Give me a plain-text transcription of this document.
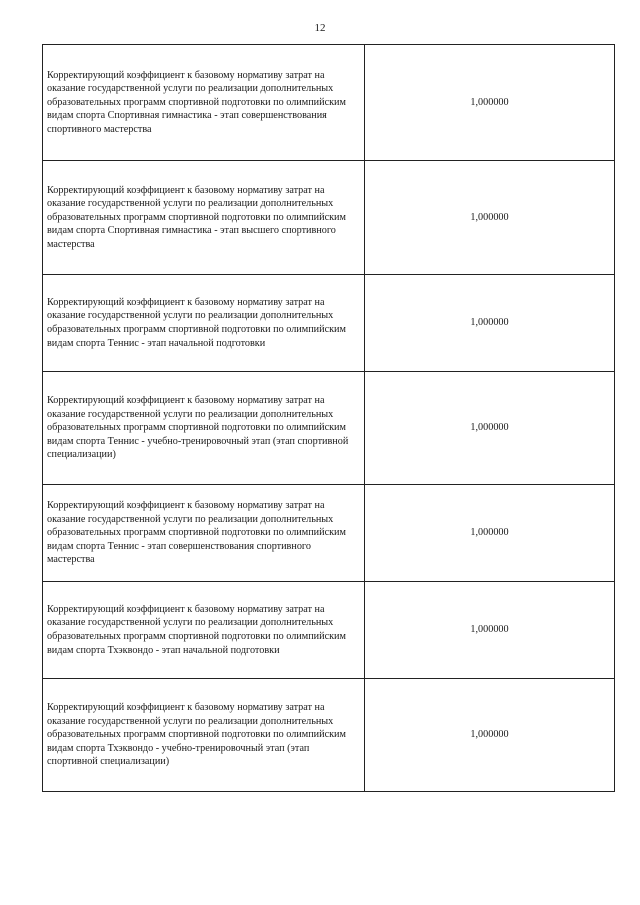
12
Корректирующий коэффициент к базовому нормативу затрат на оказание государственной услуги по реализации дополнительных образовательных программ спортивной подготовки по олимпийским видам спорта Спортивная гимнастика - этап совершенствования спортивного мастерства	1,000000
Корректирующий коэффициент к базовому нормативу затрат на оказание государственной услуги по реализации дополнительных образовательных программ спортивной подготовки по олимпийским видам спорта Спортивная гимнастика - этап высшего спортивного мастерства	1,000000
Корректирующий коэффициент к базовому нормативу затрат на оказание государственной услуги по реализации дополнительных образовательных программ спортивной подготовки по олимпийским видам спорта Теннис - этап начальной подготовки	1,000000
Корректирующий коэффициент к базовому нормативу затрат на оказание государственной услуги по реализации дополнительных образовательных программ спортивной подготовки по олимпийским видам спорта Теннис - учебно-тренировочный этап (этап спортивной специализации)	1,000000
Корректирующий коэффициент к базовому нормативу затрат на оказание государственной услуги по реализации дополнительных образовательных программ спортивной подготовки по олимпийским видам спорта Теннис - этап совершенствования спортивного мастерства	1,000000
Корректирующий коэффициент к базовому нормативу затрат на оказание государственной услуги по реализации дополнительных образовательных программ спортивной подготовки по олимпийским видам спорта Тхэквондо - этап начальной подготовки	1,000000
Корректирующий коэффициент к базовому нормативу затрат на оказание государственной услуги по реализации дополнительных образовательных программ спортивной подготовки по олимпийским видам спорта Тхэквондо - учебно-тренировочный этап (этап спортивной специализации)	1,000000
